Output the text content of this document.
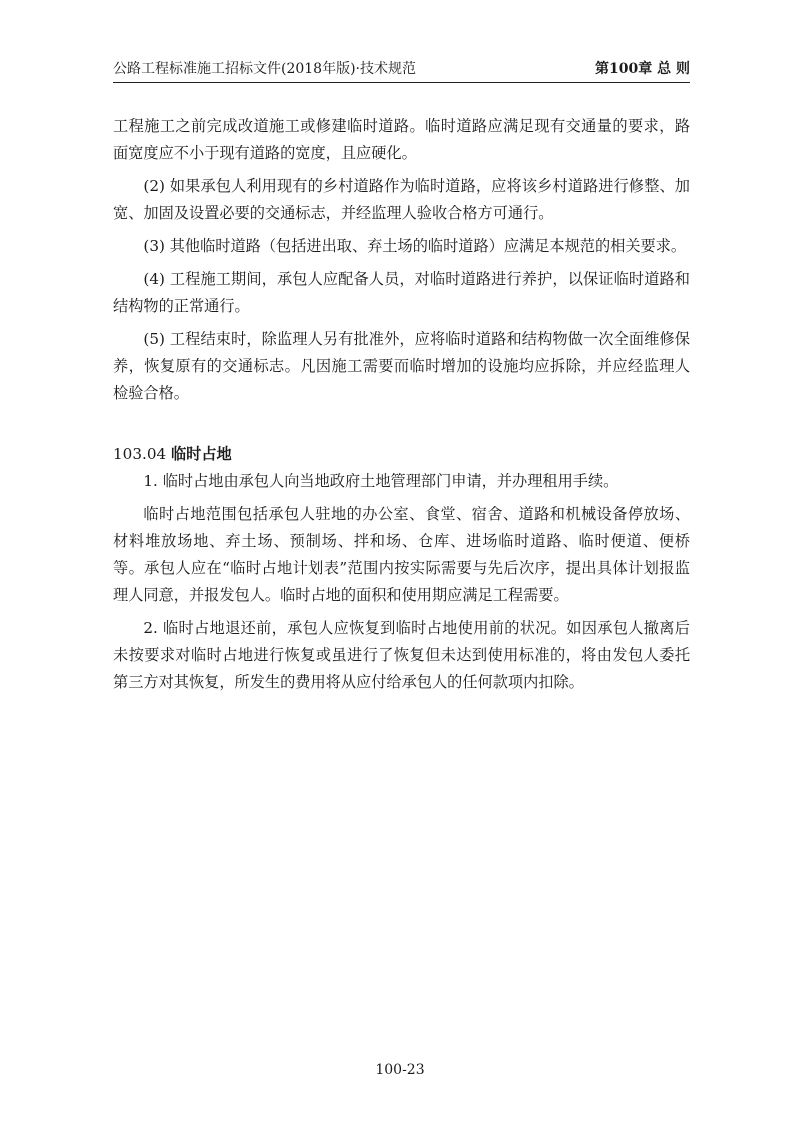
公路工程标准施工招标文件(2018年版)·技术规范	第100章 总 则

工程施工之前完成改道施工或修建临时道路。临时道路应满足现有交通量的要求，路面宽度应不小于现有道路的宽度，且应硬化。

(2) 如果承包人利用现有的乡村道路作为临时道路，应将该乡村道路进行修整、加宽、加固及设置必要的交通标志，并经监理人验收合格方可通行。

(3) 其他临时道路（包括进出取、弃土场的临时道路）应满足本规范的相关要求。

(4) 工程施工期间，承包人应配备人员，对临时道路进行养护，以保证临时道路和结构物的正常通行。

(5) 工程结束时，除监理人另有批准外，应将临时道路和结构物做一次全面维修保养，恢复原有的交通标志。凡因施工需要而临时增加的设施均应拆除，并应经监理人检验合格。

103.04 临时占地

1. 临时占地由承包人向当地政府土地管理部门申请，并办理租用手续。

临时占地范围包括承包人驻地的办公室、食堂、宿舍、道路和机械设备停放场、材料堆放场地、弃土场、预制场、拌和场、仓库、进场临时道路、临时便道、便桥等。承包人应在“临时占地计划表”范围内按实际需要与先后次序，提出具体计划报监理人同意，并报发包人。临时占地的面积和使用期应满足工程需要。

2. 临时占地退还前，承包人应恢复到临时占地使用前的状况。如因承包人撤离后未按要求对临时占地进行恢复或虽进行了恢复但未达到使用标准的，将由发包人委托第三方对其恢复，所发生的费用将从应付给承包人的任何款项内扣除。

100-23
